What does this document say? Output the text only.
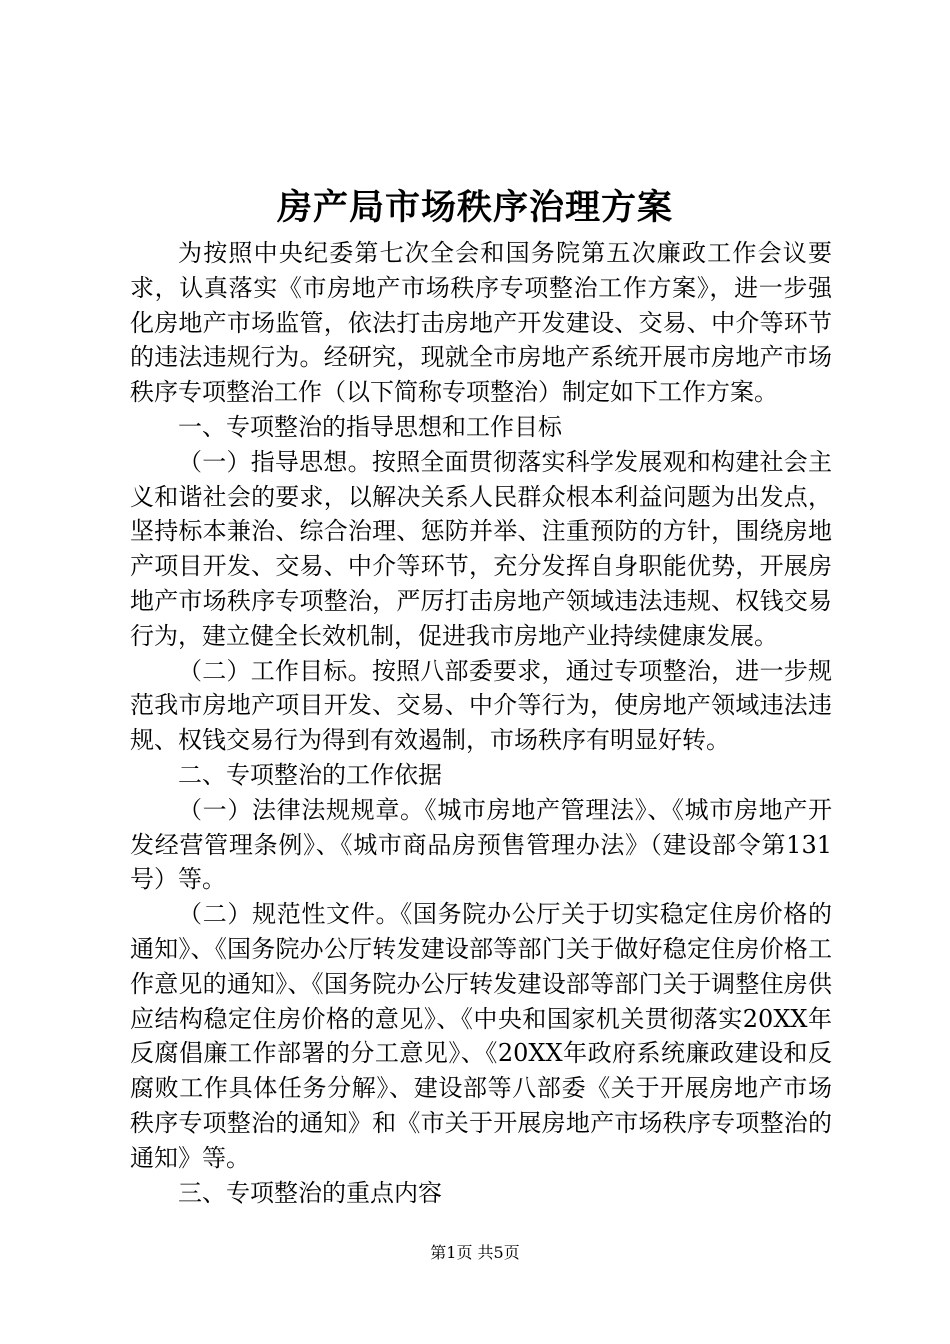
房产局市场秩序治理方案

为按照中央纪委第七次全会和国务院第五次廉政工作会议要求，认真落实《市房地产市场秩序专项整治工作方案》，进一步强化房地产市场监管，依法打击房地产开发建设、交易、中介等环节的违法违规行为。经研究，现就全市房地产系统开展市房地产市场秩序专项整治工作（以下简称专项整治）制定如下工作方案。

一、专项整治的指导思想和工作目标

（一）指导思想。按照全面贯彻落实科学发展观和构建社会主义和谐社会的要求，以解决关系人民群众根本利益问题为出发点，坚持标本兼治、综合治理、惩防并举、注重预防的方针，围绕房地产项目开发、交易、中介等环节，充分发挥自身职能优势，开展房地产市场秩序专项整治，严厉打击房地产领域违法违规、权钱交易行为，建立健全长效机制，促进我市房地产业持续健康发展。

（二）工作目标。按照八部委要求，通过专项整治，进一步规范我市房地产项目开发、交易、中介等行为，使房地产领域违法违规、权钱交易行为得到有效遏制，市场秩序有明显好转。

二、专项整治的工作依据

（一）法律法规规章。《城市房地产管理法》、《城市房地产开发经营管理条例》、《城市商品房预售管理办法》（建设部令第131号）等。

（二）规范性文件。《国务院办公厅关于切实稳定住房价格的通知》、《国务院办公厅转发建设部等部门关于做好稳定住房价格工作意见的通知》、《国务院办公厅转发建设部等部门关于调整住房供应结构稳定住房价格的意见》、《中央和国家机关贯彻落实20XX年反腐倡廉工作部署的分工意见》、《20XX年政府系统廉政建设和反腐败工作具体任务分解》、建设部等八部委《关于开展房地产市场秩序专项整治的通知》和《市关于开展房地产市场秩序专项整治的通知》等。

三、专项整治的重点内容

第1页 共5页
